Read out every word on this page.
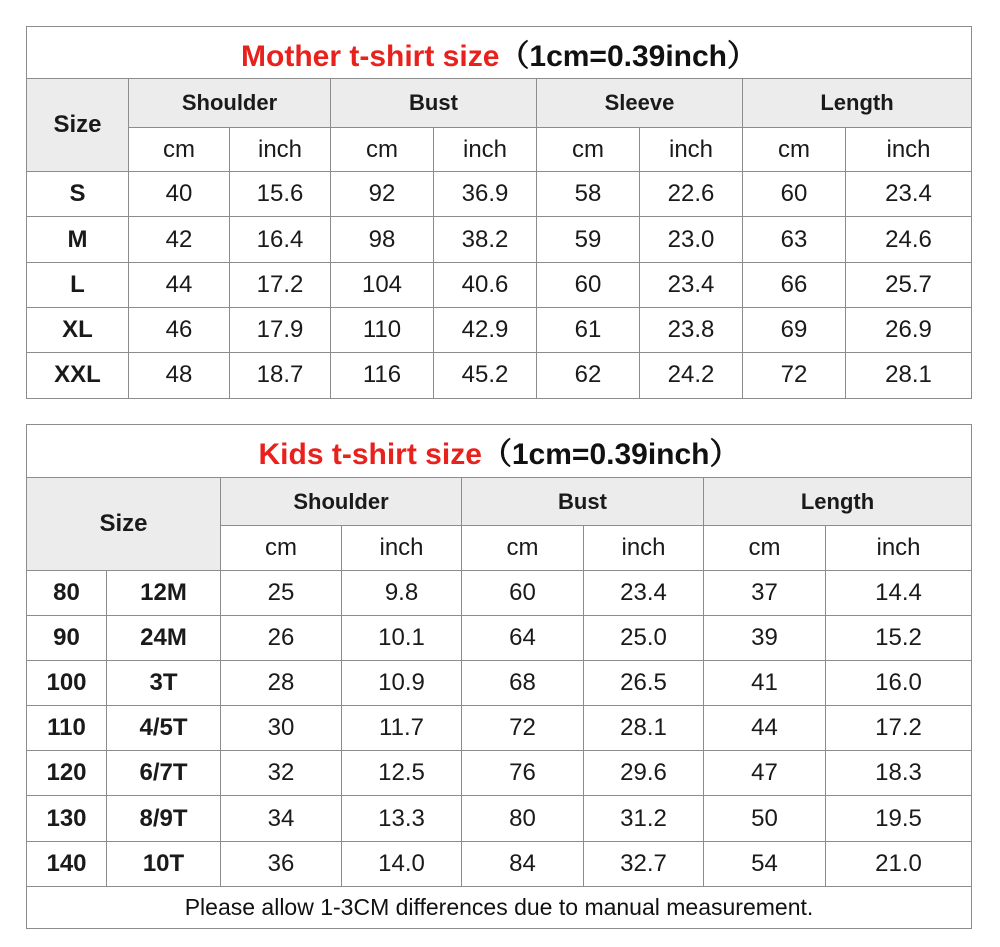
Mother t-shirt size（1cm=0.39inch）								
Size	Shoulder		Bust		Sleeve		Length	
	cm	inch	cm	inch	cm	inch	cm	inch
S	40	15.6	92	36.9	58	22.6	60	23.4
M	42	16.4	98	38.2	59	23.0	63	24.6
L	44	17.2	104	40.6	60	23.4	66	25.7
XL	46	17.9	110	42.9	61	23.8	69	26.9
XXL	48	18.7	116	45.2	62	24.2	72	28.1
Kids t-shirt size（1cm=0.39inch）							
Size		Shoulder		Bust		Length	
		cm	inch	cm	inch	cm	inch
80	12M	25	9.8	60	23.4	37	14.4
90	24M	26	10.1	64	25.0	39	15.2
100	3T	28	10.9	68	26.5	41	16.0
110	4/5T	30	11.7	72	28.1	44	17.2
120	6/7T	32	12.5	76	29.6	47	18.3
130	8/9T	34	13.3	80	31.2	50	19.5
140	10T	36	14.0	84	32.7	54	21.0
Please allow 1-3CM differences due to manual measurement.							
